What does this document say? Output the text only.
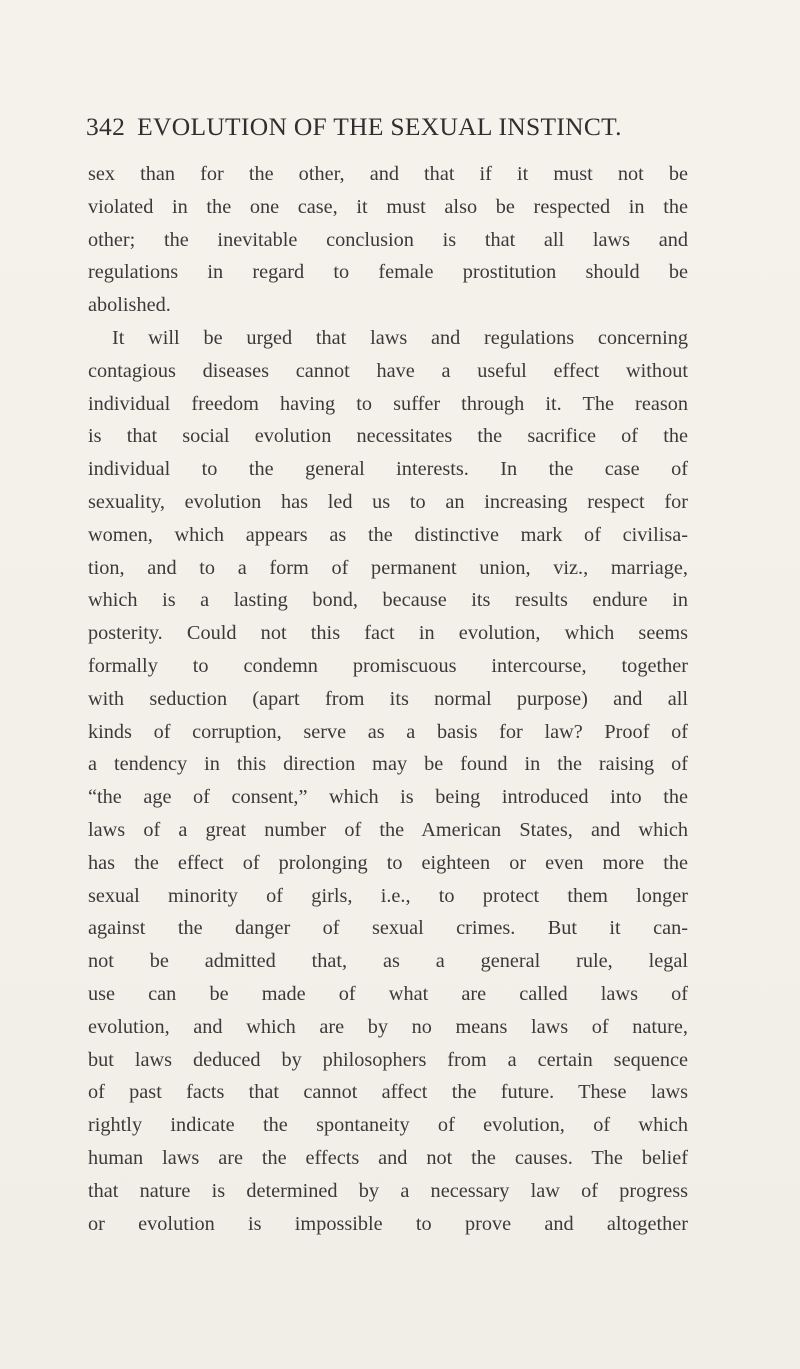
342 EVOLUTION OF THE SEXUAL INSTINCT.
sex than for the other, and that if it must not be
violated in the one case, it must also be respected in the
other; the inevitable conclusion is that all laws and
regulations in regard to female prostitution should be
abolished.
It will be urged that laws and regulations concerning
contagious diseases cannot have a useful effect without
individual freedom having to suffer through it. The reason
is that social evolution necessitates the sacrifice of the
individual to the general interests. In the case of
sexuality, evolution has led us to an increasing respect for
women, which appears as the distinctive mark of civilisa-
tion, and to a form of permanent union, viz., marriage,
which is a lasting bond, because its results endure in
posterity. Could not this fact in evolution, which seems
formally to condemn promiscuous intercourse, together
with seduction (apart from its normal purpose) and all
kinds of corruption, serve as a basis for law? Proof of
a tendency in this direction may be found in the raising of
“the age of consent,” which is being introduced into the
laws of a great number of the American States, and which
has the effect of prolonging to eighteen or even more the
sexual minority of girls, i.e., to protect them longer
against the danger of sexual crimes. But it can-
not be admitted that, as a general rule, legal
use can be made of what are called laws of
evolution, and which are by no means laws of nature,
but laws deduced by philosophers from a certain sequence
of past facts that cannot affect the future. These laws
rightly indicate the spontaneity of evolution, of which
human laws are the effects and not the causes. The belief
that nature is determined by a necessary law of progress
or evolution is impossible to prove and altogether
